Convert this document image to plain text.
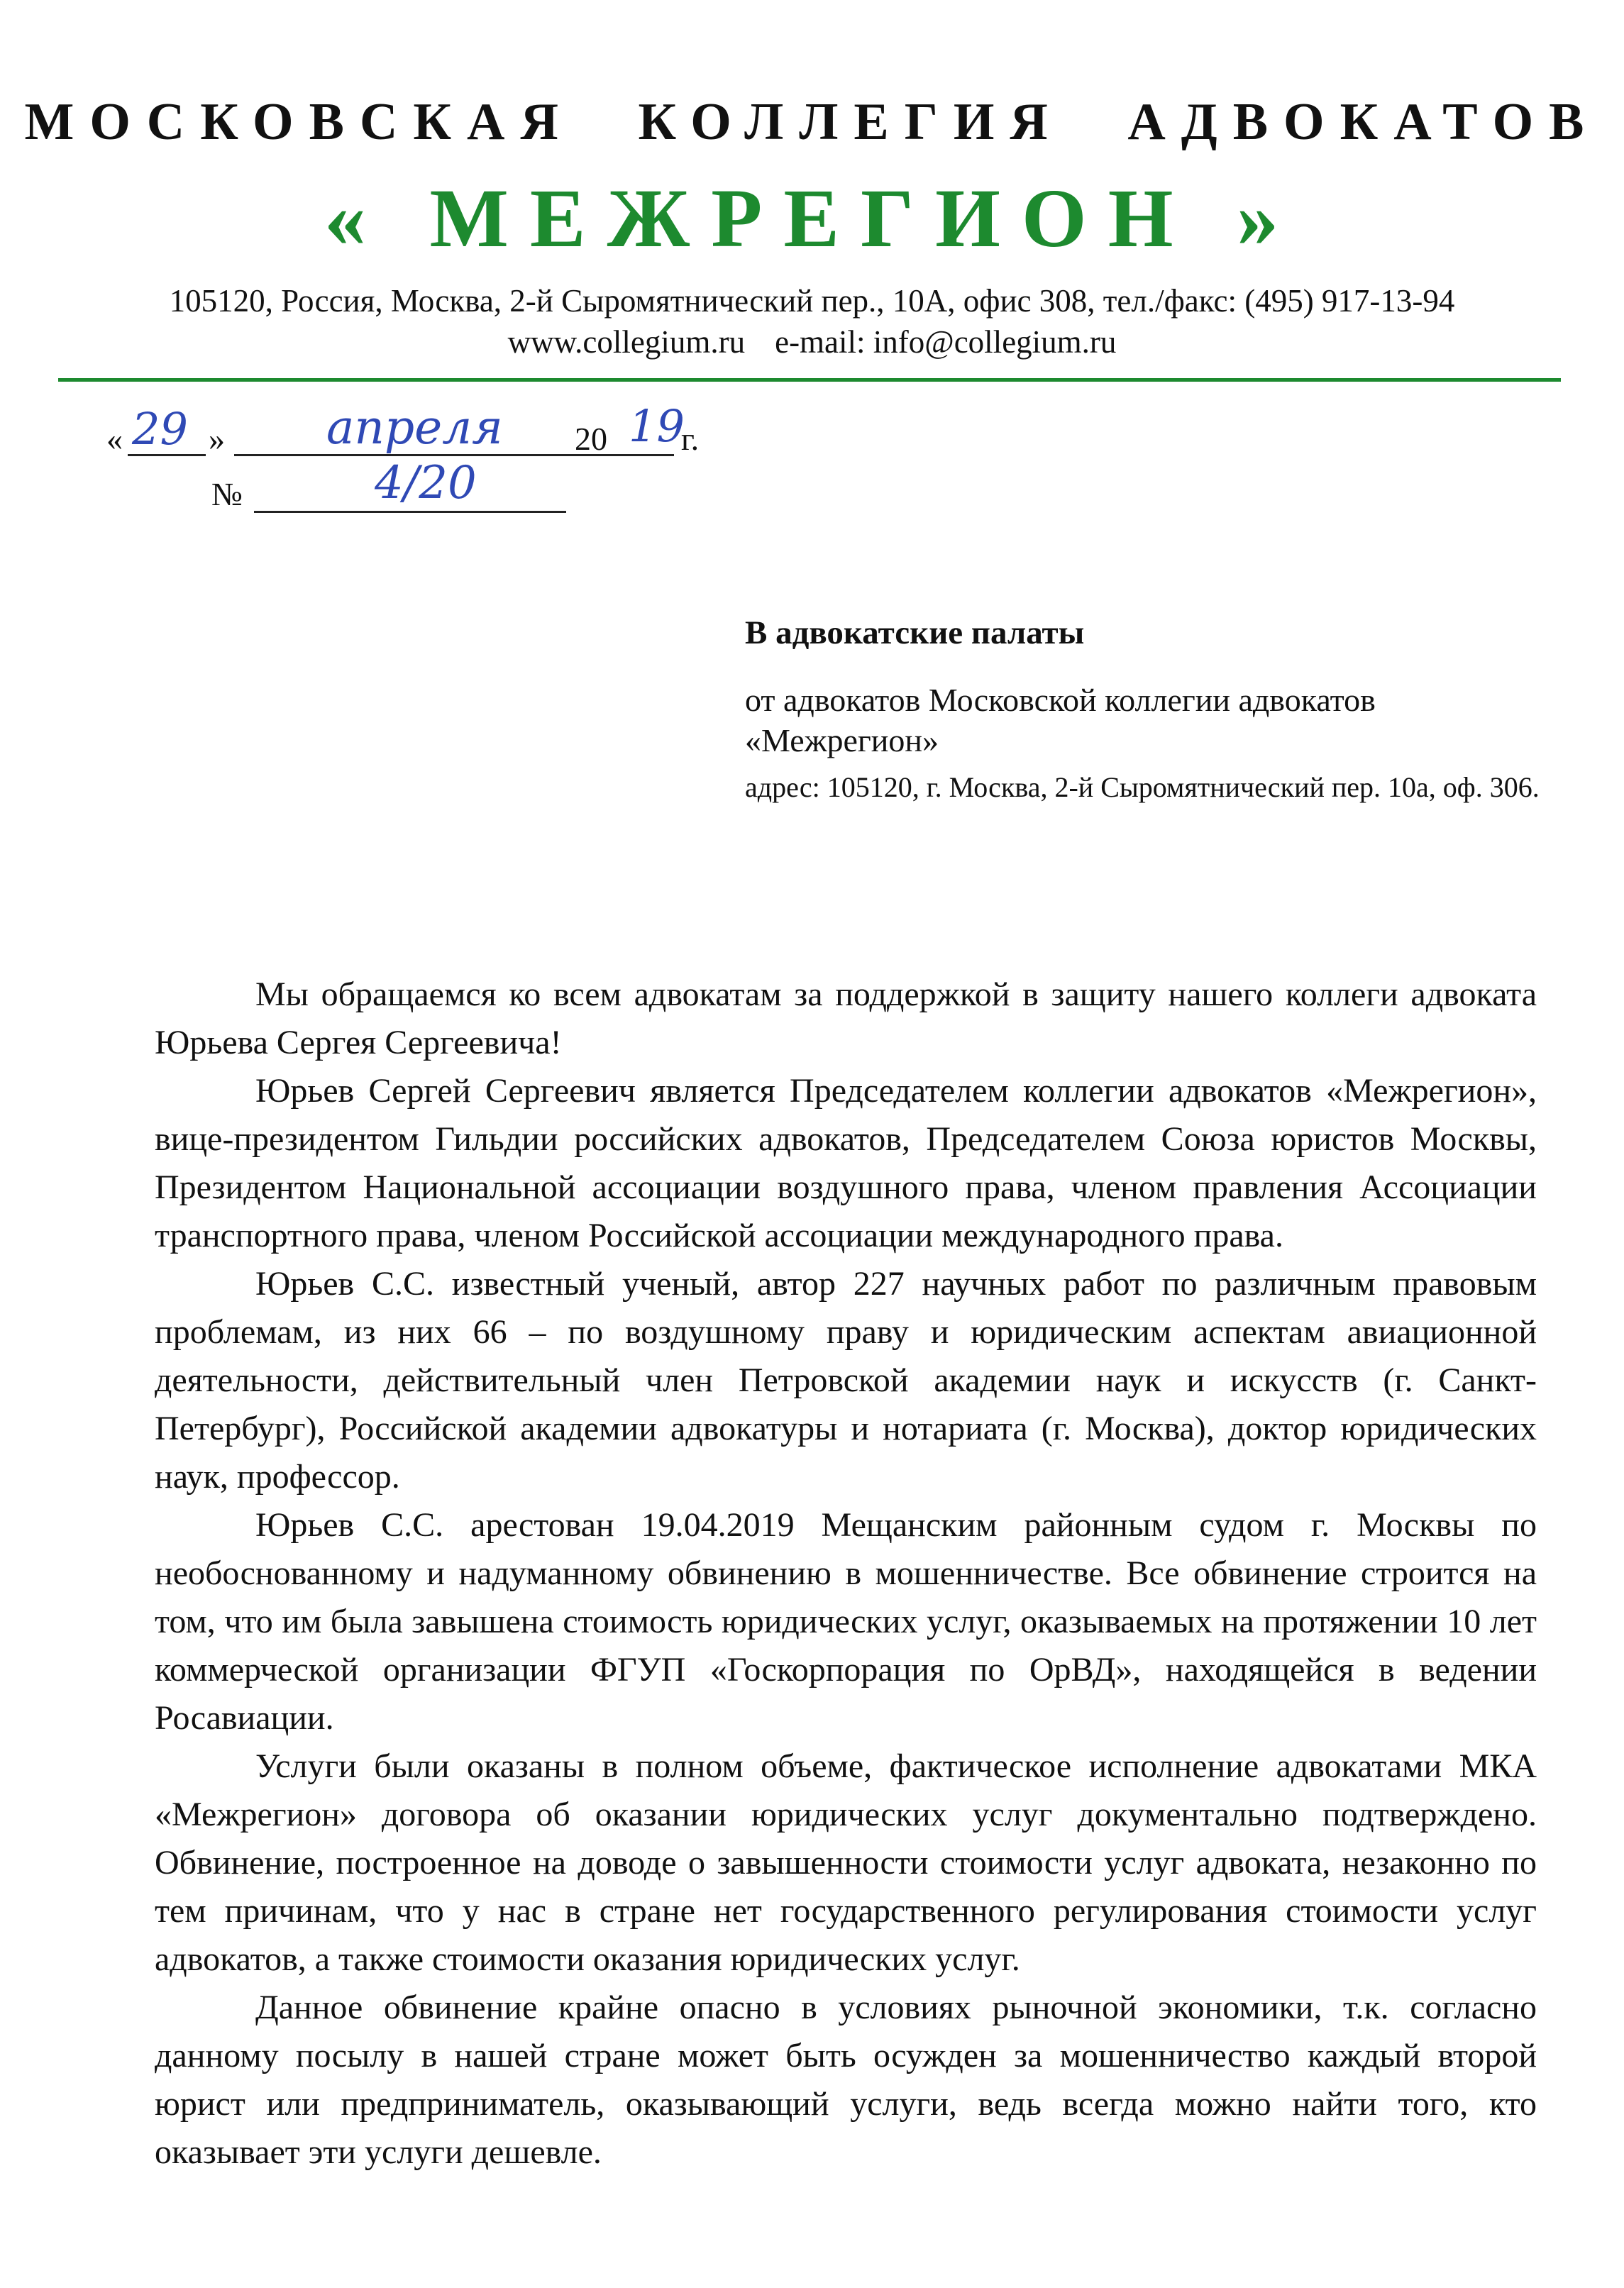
МОСКОВСКАЯ КОЛЛЕГИЯ АДВОКАТОВ
« МЕЖРЕГИОН »
105120, Россия, Москва, 2-й Сыромятнический пер., 10А, офис 308, тел./факс: (495) 917-13-94
www.collegium.ru e-mail: info@collegium.ru
« 29 » апреля 20 19
г.
№	4/20
В адвокатские палаты
от адвокатов Московской коллегии адвокатов «Межрегион»
адрес: 105120, г. Москва, 2-й Сыромятнический пер. 10а, оф. 306.

Мы обращаемся ко всем адвокатам за поддержкой в защиту нашего коллеги адвоката Юрьева Сергея Сергеевича!

Юрьев Сергей Сергеевич является Председателем коллегии адвокатов «Межрегион», вице-президентом Гильдии российских адвокатов, Председателем Союза юристов Москвы, Президентом Национальной ассоциации воздушного права, членом правления Ассоциации транспортного права, членом Российской ассоциации международного права.

Юрьев С.С. известный ученый, автор 227 научных работ по различным правовым проблемам, из них 66 – по воздушному праву и юридическим аспектам авиационной деятельности, действительный член Петровской академии наук и искусств (г. Санкт-Петербург), Российской академии адвокатуры и нотариата (г. Москва), доктор юридических наук, профессор.

Юрьев С.С. арестован 19.04.2019 Мещанским районным судом г. Москвы по необоснованному и надуманному обвинению в мошенничестве. Все обвинение строится на том, что им была завышена стоимость юридических услуг, оказываемых на протяжении 10 лет коммерческой организации ФГУП «Госкорпорация по ОрВД», находящейся в ведении Росавиации.

Услуги были оказаны в полном объеме, фактическое исполнение адвокатами МКА «Межрегион» договора об оказании юридических услуг документально подтверждено. Обвинение, построенное на доводе о завышенности стоимости услуг адвоката, незаконно по тем причинам, что у нас в стране нет государственного регулирования стоимости услуг адвокатов, а также стоимости оказания юридических услуг.

Данное обвинение крайне опасно в условиях рыночной экономики, т.к. согласно данному посылу в нашей стране может быть осужден за мошенничество каждый второй юрист или предприниматель, оказывающий услуги, ведь всегда можно найти того, кто оказывает эти услуги дешевле.
